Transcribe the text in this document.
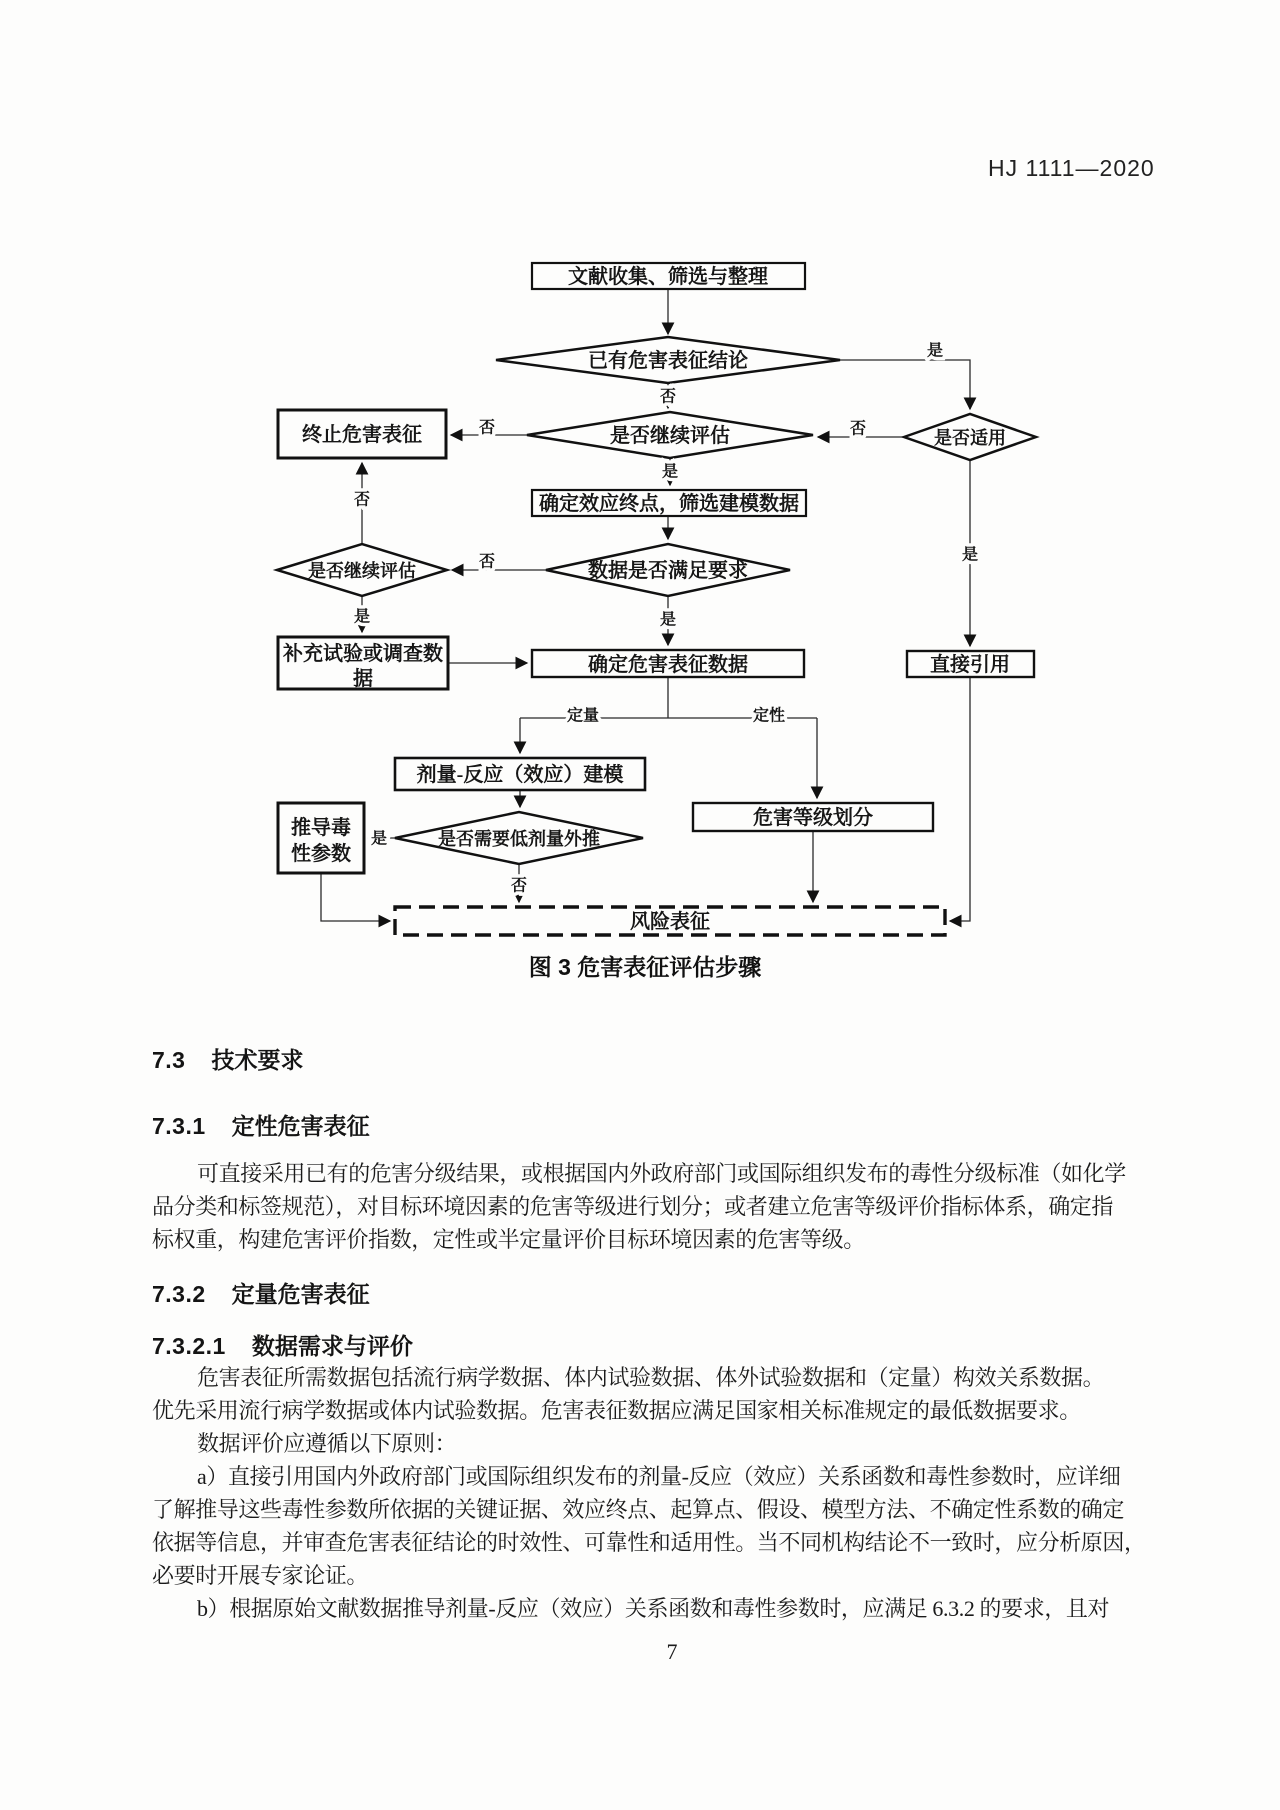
HJ 1111—2020
文献收集、筛选与整理
已有危害表征结论
是否继续评估
终止危害表征	是否适用
确定效应终点，筛选建模数据
数据是否满足要求
是否继续评估
补充试验或调查数
据
确定危害表征数据
剂量-反应（效应）建模
是否需要低剂量外推
推导毒
性参数
危害等级划分
直接引用
风险表征
否
是
否	否
是
否
否
是	是
定量	定性
是
否
是
图 3 危害表征评估步骤
7.3 技术要求
7.3.1 定性危害表征
可直接采用已有的危害分级结果，或根据国内外政府部门或国际组织发布的毒性分级标准（如化学
品分类和标签规范），对目标环境因素的危害等级进行划分；或者建立危害等级评价指标体系，确定指
标权重，构建危害评价指数，定性或半定量评价目标环境因素的危害等级。
7.3.2 定量危害表征
7.3.2.1 数据需求与评价
危害表征所需数据包括流行病学数据、体内试验数据、体外试验数据和（定量）构效关系数据。
优先采用流行病学数据或体内试验数据。危害表征数据应满足国家相关标准规定的最低数据要求。
数据评价应遵循以下原则：
a）直接引用国内外政府部门或国际组织发布的剂量-反应（效应）关系函数和毒性参数时，应详细
了解推导这些毒性参数所依据的关键证据、效应终点、起算点、假设、模型方法、不确定性系数的确定
依据等信息，并审查危害表征结论的时效性、可靠性和适用性。当不同机构结论不一致时，应分析原因，
必要时开展专家论证。
b）根据原始文献数据推导剂量-反应（效应）关系函数和毒性参数时，应满足 6.3.2 的要求，且对
7
